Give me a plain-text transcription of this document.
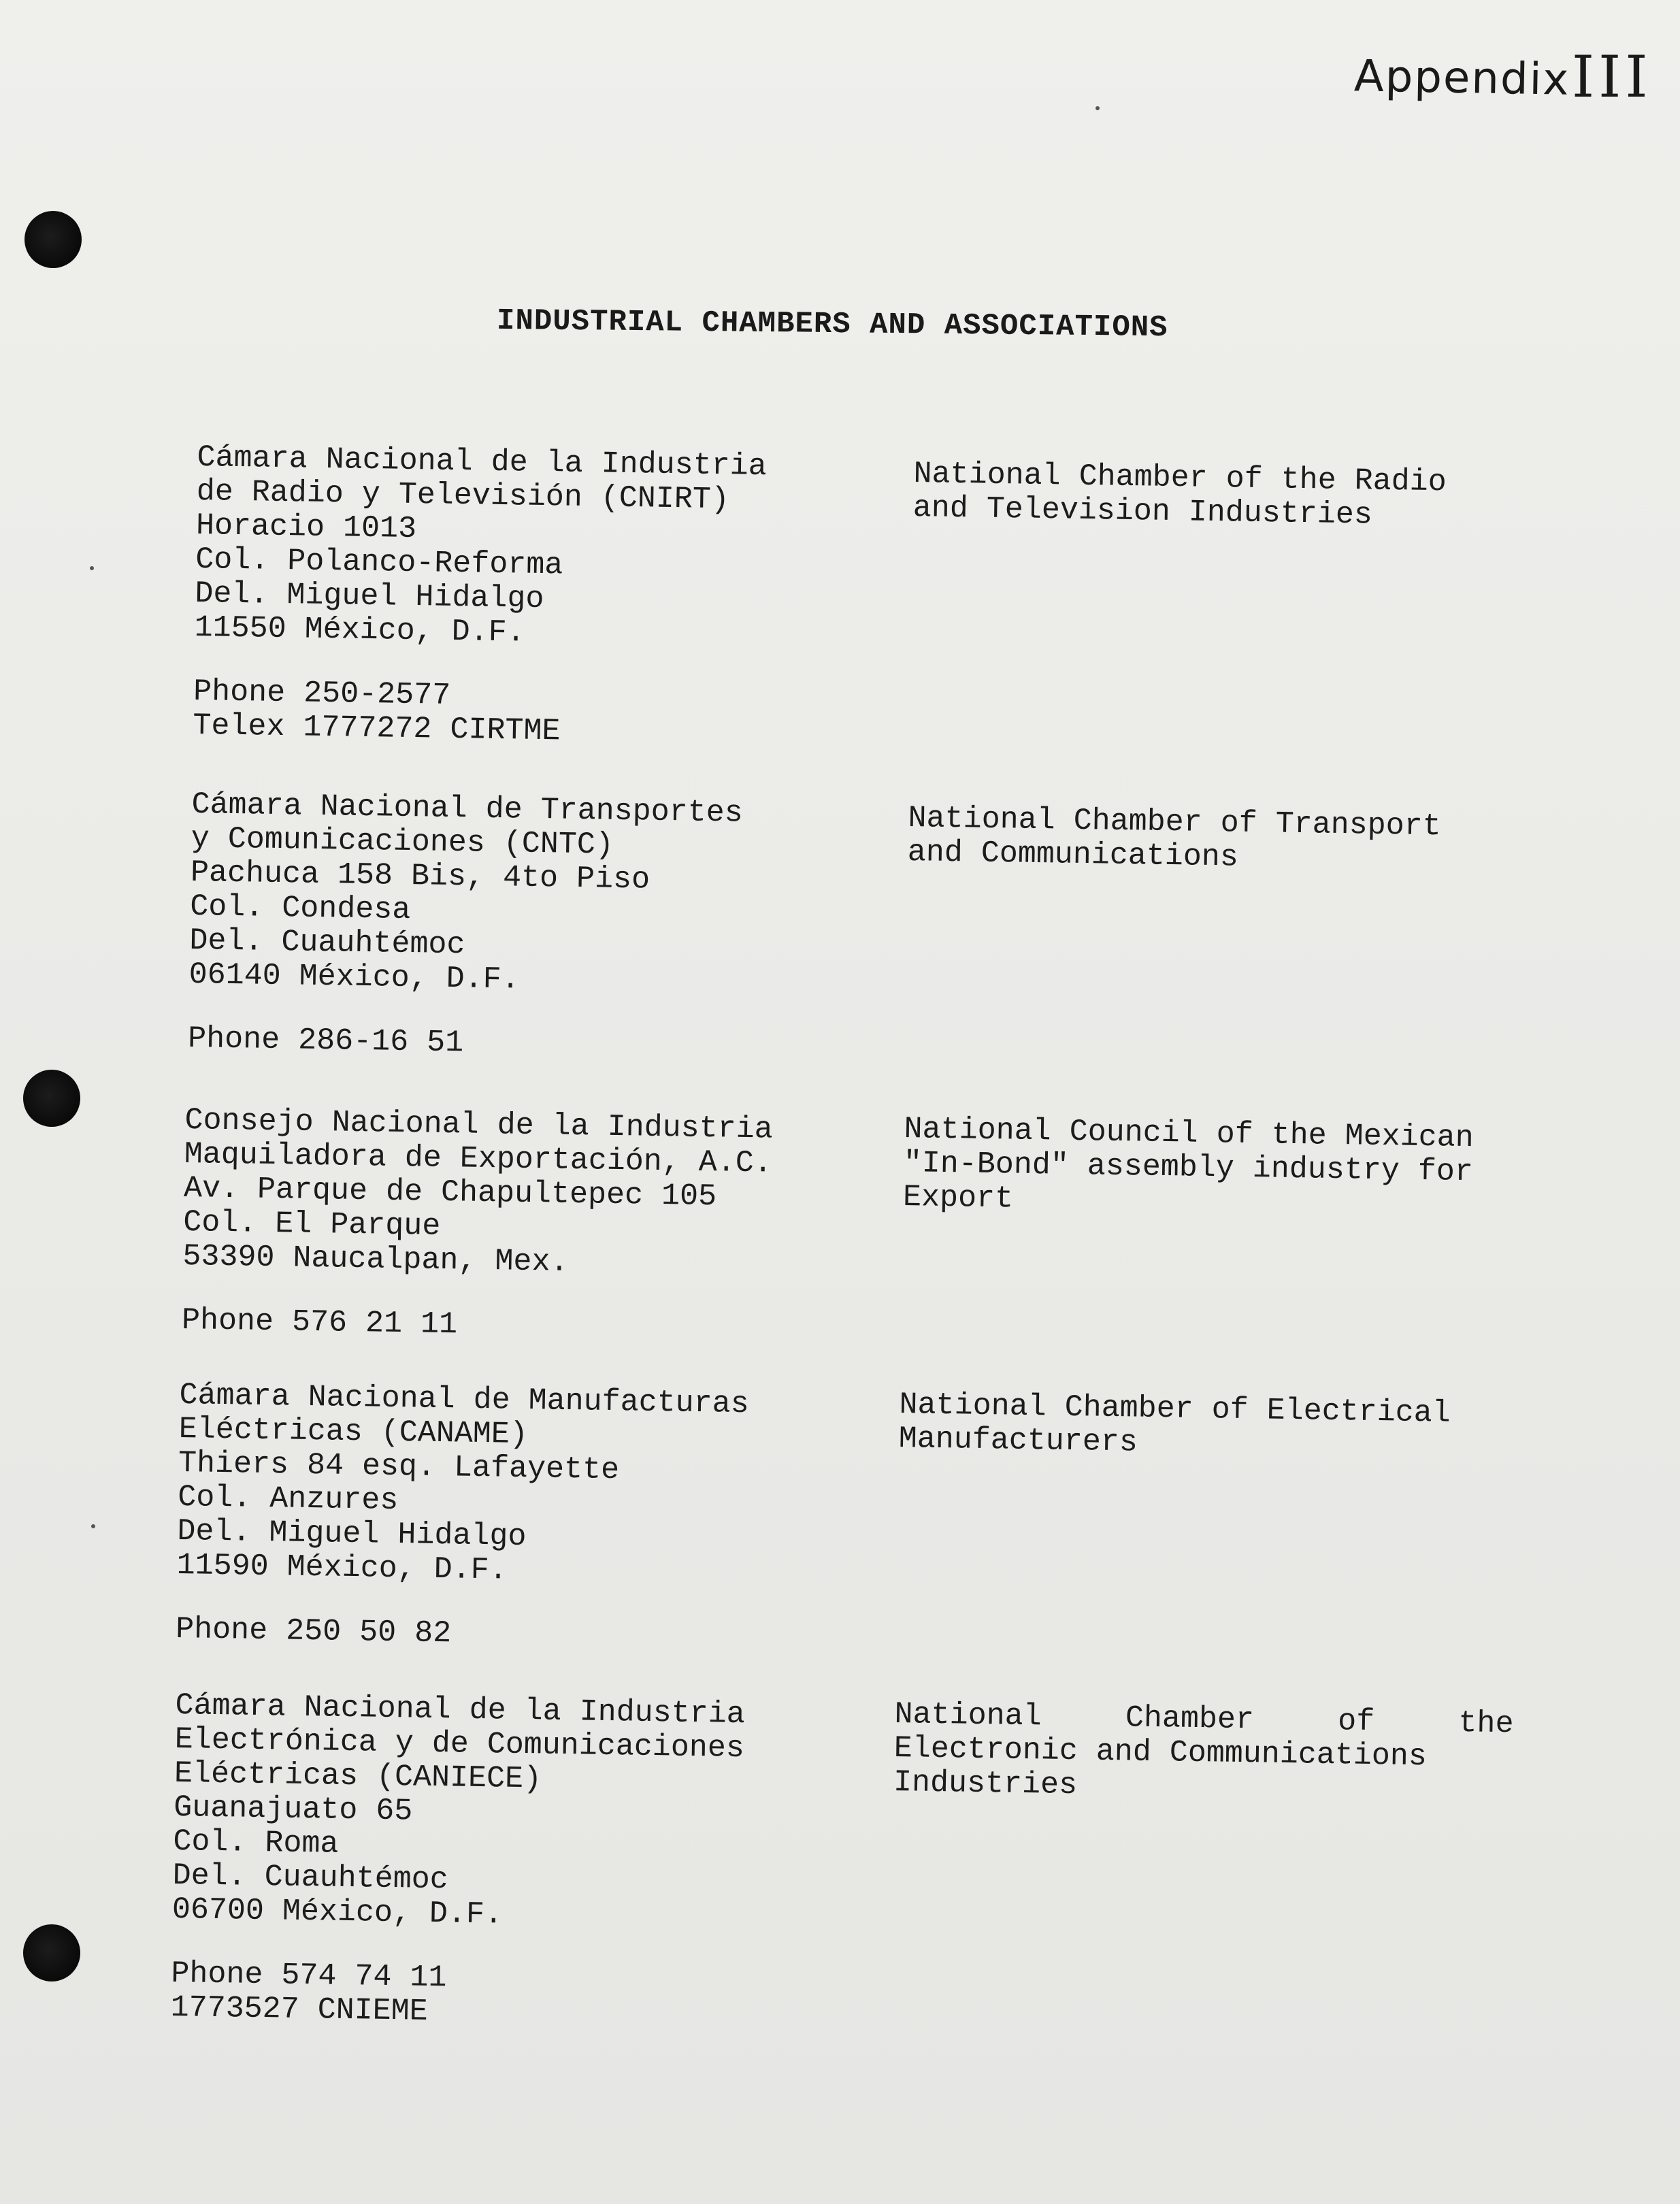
Appendix III
INDUSTRIAL CHAMBERS AND ASSOCIATIONS
Cámara Nacional de la Industria
de Radio y Televisión (CNIRT)
Horacio 1013
Col. Polanco-Reforma
Del. Miguel Hidalgo
11550 México, D.F.
Phone 250-2577
Telex 1777272 CIRTME
National Chamber of the Radio
and Television Industries
Cámara Nacional de Transportes
y Comunicaciones (CNTC)
Pachuca 158 Bis, 4to Piso
Col. Condesa
Del. Cuauhtémoc
06140 México, D.F.
Phone 286-16 51
National Chamber of Transport
and Communications
Consejo Nacional de la Industria
Maquiladora de Exportación, A.C.
Av. Parque de Chapultepec 105
Col. El Parque
53390 Naucalpan, Mex.
Phone 576 21 11
National Council of the Mexican
"In-Bond" assembly industry for
Export
Cámara Nacional de Manufacturas
Eléctricas (CANAME)
Thiers 84 esq. Lafayette
Col. Anzures
Del. Miguel Hidalgo
11590 México, D.F.
Phone 250 50 82
National Chamber of Electrical
Manufacturers
Cámara Nacional de la Industria
Electrónica y de Comunicaciones
Eléctricas (CANIECE)
Guanajuato 65
Col. Roma
Del. Cuauhtémoc
06700 México, D.F.
Phone 574 74 11
1773527 CNIEME
National Chamber of the
Electronic and Communications
Industries
